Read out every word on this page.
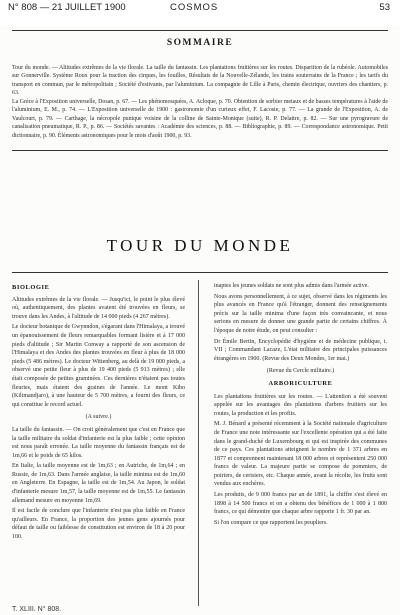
N° 808 — 21 JUILLET 1900	COSMOS	53
SOMMAIRE
Tour du monde. — Altitudes extrêmes de la vie florale. La taille du fantassin. Les plantations fruitières sur les routes. Disparition de la rubéole. Automobiles sur Gonnerville. Système Roux pour la traction des cirques, les fouilles, Résultats de la Nouvelle-Zélande, les trains souterrains de la France ; les tarifs du transport en commun, par le métropolitain ; Société d'estivants, par l'aluminium. La compagnie de Lille à Paris, chemin électrique, ouvriers des chantiers, p. 63.
La Grèce à l'Exposition universelle, Dosan, p. 67. — Les phénomosquées, A. Acloque, p. 70. Obtention de sorbier metaux et de basses températures à l'aide de l'aluminium, E. M., p. 74. — L'Exposition universelle de 1900 : gastronomie d'un curieux effet, F. Lacoste, p. 77. — La grande de l'Exposition, A. de Vaulcourt, p. 79. — Carthage, la nécropole punique voisine de la colline de Sainte-Monique (suite), R. P. Delattre, p. 82. — Sur une pyrogravure de canalisation pneumatique, R. P., p. 86. — Sociétés savantes : Académie des sciences, p. 88. — Bibliographie, p. 89. — Correspondance astronomique. Petit dictionnaire, p. 90. Éléments astronomiques pour le mois d'août 1900, p. 93.
TOUR DU MONDE
BIOLOGIE

Altitudes extrêmes de la vie florale. — Jusqu'ici, le point le plus élevé où, authentiquement, des plantes avaient été trouvées en fleurs, se trouve dans les Andes, à l'altitude de 14 000 pieds (4 267 mètres).

Le docteur botanique de Gwynndon, s'égarant dans l'Himalaya, a trouvé un épanouissement de fleurs remarquables formant lisière et à 17 000 pieds d'altitude ; Sir Martin Conway a rapporté de son ascension de l'Himalaya et des Andes des plantes trouvées en fleur à plus de 18 000 pieds (5 486 mètres). Le docteur Wittenberg, au delà de 19 000 pieds, a observé une petite fleur à plus de 19 400 pieds (5 913 mètres) ; elle était composée de petites graminées. Ces dernières n'étaient pas toutes fleuries, mais étaient des graines de l'année. Le mont Kibo (Kilimandjaro), à une hauteur de 5 700 mètres, a fourni des fleurs, ce qui constitue le record actuel.

(A suivre.)

La taille du fantassin. — On croit généralement que c'est en France que la taille militaire du soldat d'infanterie est la plus faible ; cette opinion est nous paraît erronée. La taille moyenne du fantassin français est de 1m,66 et le poids de 65 kilos.

En Italie, la taille moyenne est de 1m,63 ; en Autriche, de 1m,64 ; en Russie, de 1m,63. Dans l'armée anglaise, la taille minima est de 1m,60 en Angleterre. En Espagne, la taille est de 1m,54. Au Japon, le soldat d'infanterie mesure 1m,57, la taille moyenne est de 1m,55. Le fantassin allemand mesure en moyenne 1m,69.

Il est facile de conclure que l'infanterie n'est pas plus faible en France qu'ailleurs. En France, la proportion des jeunes gens ajournés pour défaut de taille ou faiblesse de constitution est environ de 18 à 20 pour 100.

inaptes les jeunes soldats ne sont plus admis dans l'armée active.

Nous avons personnellement, à ce sujet, observé dans les régiments les plus avancés en France qu'à l'étranger, donnent des renseignements précis sur la taille minima d'une façon très convaincante, et nous serions en mesure de donner une grande partie de certains chiffres. À l'époque de notre étude, on peut consulter :

Dr Émile Bertin, Encyclopédie d'hygiène et de médecine publique, t. VII ; Commandant Lacaze, L'état militaire des principales puissances étrangères en 1900. (Revue des Deux Mondes, 1er mai.)

(Revue du Cercle militaire.)
ARBORICULTURE

Les plantations fruitières sur les routes. — L'attention a été souvent appelée sur les avantages des plantations d'arbres fruitiers sur les routes, la production et les profits.

M. J. Bénard a présenté récemment à la Société nationale d'agriculture de France une note intéressante sur l'excellente opération qui a été faite dans le grand-duché de Luxembourg et qui est inspirée des communes de ce pays. Ces plantations atteignent le nombre de 1 371 arbres en 1877 et comprennent maintenant 18 000 arbres et représentent 250 000 francs de valeur. La majeure partie se compose de pommiers, de poiriers, de cerisiers, etc. Chaque année, avant la récolte, les fruits sont vendus aux enchères.

Les produits, de 9 000 francs par an de 1891, la chiffre s'est élevé en 1898 à 14 500 francs et on a obtenu des bénéfices de 1 000 à 1 800 francs, ce qui démontre que chaque arbre rapporte 1 fr. 30 par an.

Si l'on compare ce que rapportent les peupliers.

T. XLIII. N° 808.
